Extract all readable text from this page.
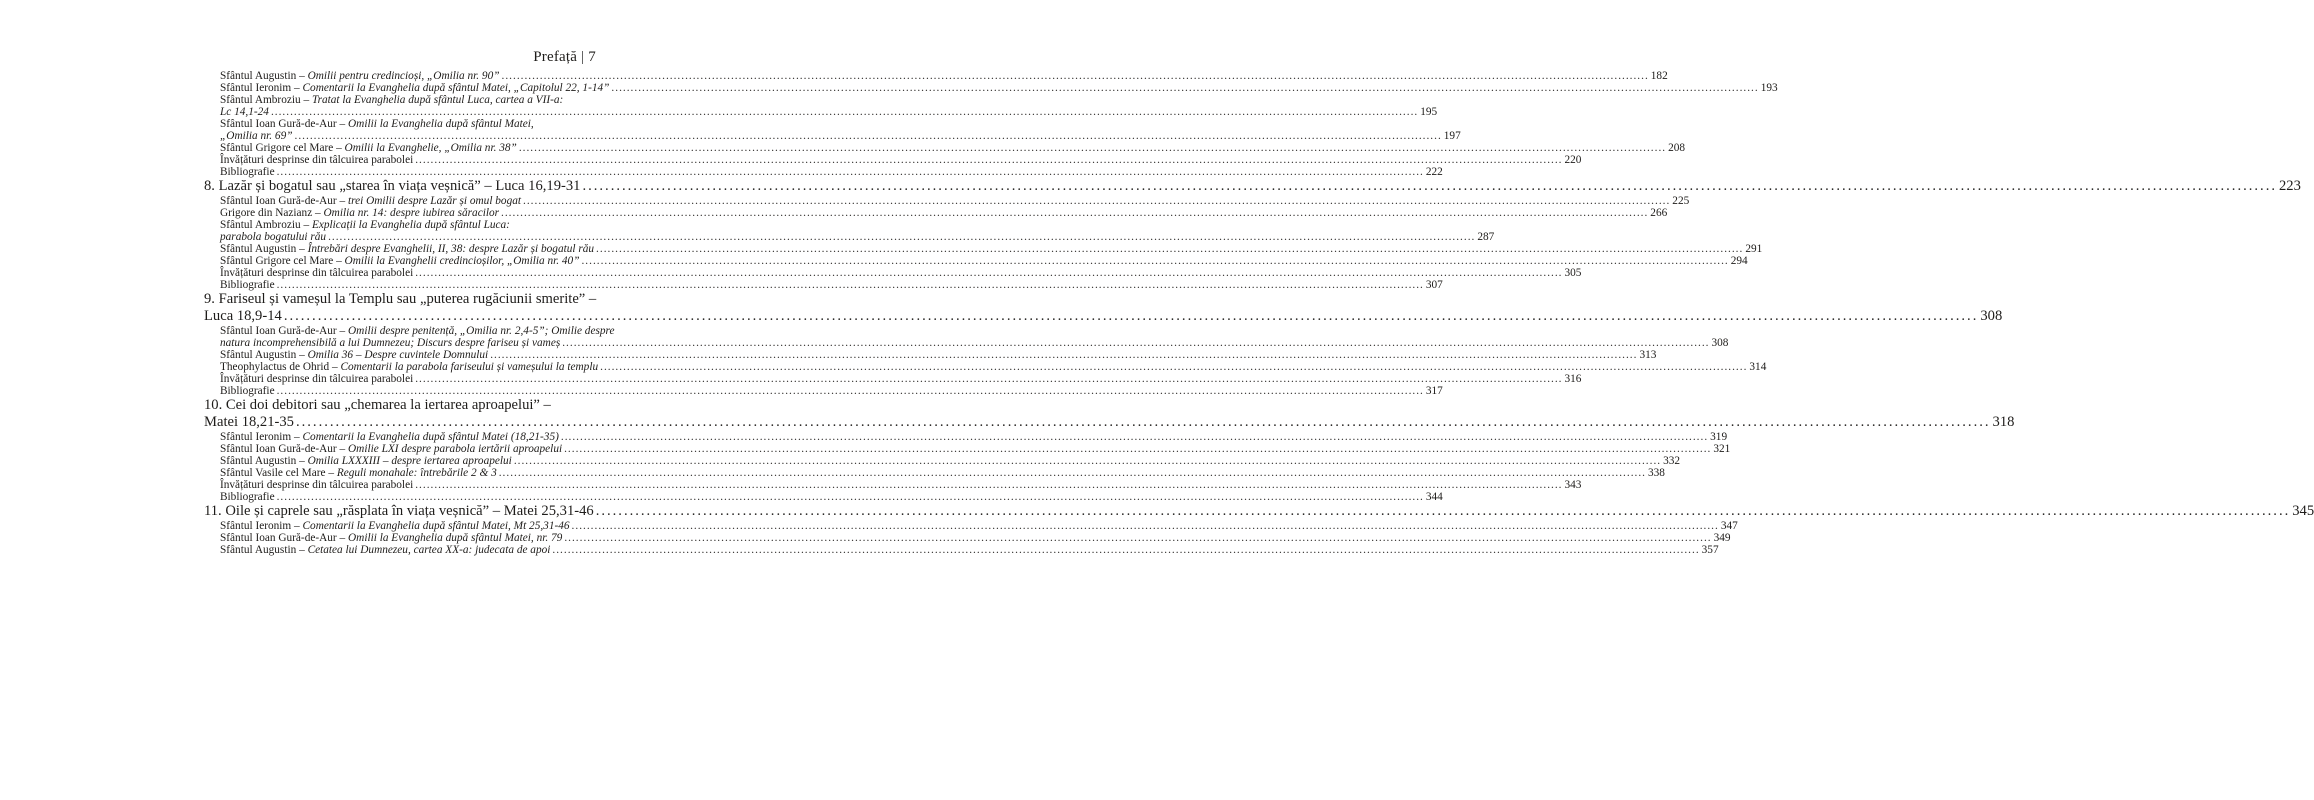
Prefață | 7
Sfântul Augustin – Omilii pentru credincioși, „Omilia nr. 90” ............................................................................................................................................................................................................................................................................................................ 182
Sfântul Ieronim – Comentarii la Evanghelia după sfântul Matei, „Capitolul 22, 1-14” ............................................................................................................................................................................................................................................................................................................ 193
Sfântul Ambroziu – Tratat la Evanghelia după sfântul Luca, cartea a VII-a:
Lc 14,1-24 ............................................................................................................................................................................................................................................................................................................ 195
Sfântul Ioan Gură-de-Aur – Omilii la Evanghelia după sfântul Matei,
„Omilia nr. 69” ............................................................................................................................................................................................................................................................................................................ 197
Sfântul Grigore cel Mare – Omilii la Evanghelie, „Omilia nr. 38” ............................................................................................................................................................................................................................................................................................................ 208
Învățături desprinse din tâlcuirea parabolei ............................................................................................................................................................................................................................................................................................................ 220
Bibliografie ............................................................................................................................................................................................................................................................................................................ 222
8. Lazăr și bogatul sau „starea în viața veșnică” – Luca 16,19-31 ............................................................................................................................................................................................................................................................................................................ 223
Sfântul Ioan Gură-de-Aur – trei Omilii despre Lazăr și omul bogat ............................................................................................................................................................................................................................................................................................................ 225
Grigore din Nazianz – Omilia nr. 14: despre iubirea săracilor ............................................................................................................................................................................................................................................................................................................ 266
Sfântul Ambroziu – Explicații la Evanghelia după sfântul Luca:
parabola bogatului rău ............................................................................................................................................................................................................................................................................................................ 287
Sfântul Augustin – Întrebări despre Evanghelii, II, 38: despre Lazăr și bogatul rău ............................................................................................................................................................................................................................................................................................................ 291
Sfântul Grigore cel Mare – Omilii la Evanghelii credincioșilor, „Omilia nr. 40” ............................................................................................................................................................................................................................................................................................................ 294
Învățături desprinse din tâlcuirea parabolei ............................................................................................................................................................................................................................................................................................................ 305
Bibliografie ............................................................................................................................................................................................................................................................................................................ 307
9. Fariseul și vameșul la Templu sau „puterea rugăciunii smerite” –
Luca 18,9-14 ............................................................................................................................................................................................................................................................................................................ 308
Sfântul Ioan Gură-de-Aur – Omilii despre penitență, „Omilia nr. 2,4-5”; Omilie despre
natura incomprehensibilă a lui Dumnezeu; Discurs despre fariseu și vameș ............................................................................................................................................................................................................................................................................................................ 308
Sfântul Augustin – Omilia 36 – Despre cuvintele Domnului ............................................................................................................................................................................................................................................................................................................ 313
Theophylactus de Ohrid – Comentarii la parabola fariseului și vameșului la templu ............................................................................................................................................................................................................................................................................................................ 314
Învățături desprinse din tâlcuirea parabolei ............................................................................................................................................................................................................................................................................................................ 316
Bibliografie ............................................................................................................................................................................................................................................................................................................ 317
10. Cei doi debitori sau „chemarea la iertarea aproapelui” –
Matei 18,21-35 ............................................................................................................................................................................................................................................................................................................ 318
Sfântul Ieronim – Comentarii la Evanghelia după sfântul Matei (18,21-35) ............................................................................................................................................................................................................................................................................................................ 319
Sfântul Ioan Gură-de-Aur – Omilie LXI despre parabola iertării aproapelui ............................................................................................................................................................................................................................................................................................................ 321
Sfântul Augustin – Omilia LXXXIII – despre iertarea aproapelui ............................................................................................................................................................................................................................................................................................................ 332
Sfântul Vasile cel Mare – Reguli monahale: întrebările 2 & 3 ............................................................................................................................................................................................................................................................................................................ 338
Învățături desprinse din tâlcuirea parabolei ............................................................................................................................................................................................................................................................................................................ 343
Bibliografie ............................................................................................................................................................................................................................................................................................................ 344
11. Oile și caprele sau „răsplata în viața veșnică” – Matei 25,31-46 ............................................................................................................................................................................................................................................................................................................ 345
Sfântul Ieronim – Comentarii la Evanghelia după sfântul Matei, Mt 25,31-46 ............................................................................................................................................................................................................................................................................................................ 347
Sfântul Ioan Gură-de-Aur – Omilii la Evanghelia după sfântul Matei, nr. 79 ............................................................................................................................................................................................................................................................................................................ 349
Sfântul Augustin – Cetatea lui Dumnezeu, cartea XX-a: judecata de apoi ............................................................................................................................................................................................................................................................................................................ 357
